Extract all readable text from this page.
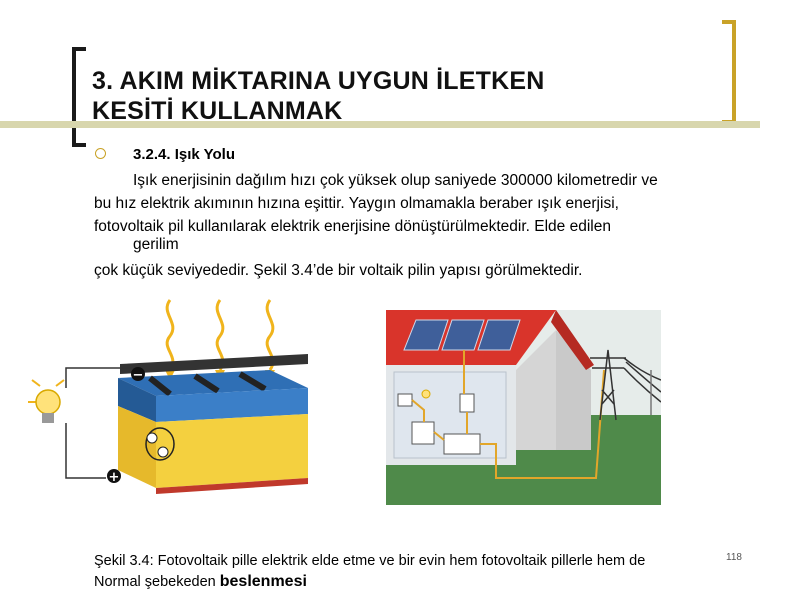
3. AKIM MİKTARINA UYGUN İLETKEN
KESİTİ KULLANMAK
3.2.4. Işık Yolu
Işık enerjisinin dağılım hızı çok yüksek olup saniyede 300000 kilometredir ve
bu hız elektrik akımının hızına eşittir. Yaygın olmamakla beraber ışık enerjisi,
fotovoltaik pil kullanılarak elektrik enerjisine dönüştürülmektedir. Elde edilen
gerilim
çok küçük seviyededir. Şekil 3.4’de bir voltaik pilin yapısı görülmektedir.
−
+
Şekil 3.4: Fotovoltaik pille elektrik elde etme ve bir evin hem fotovoltaik pillerle hem de
Normal şebekeden beslenmesi
118
